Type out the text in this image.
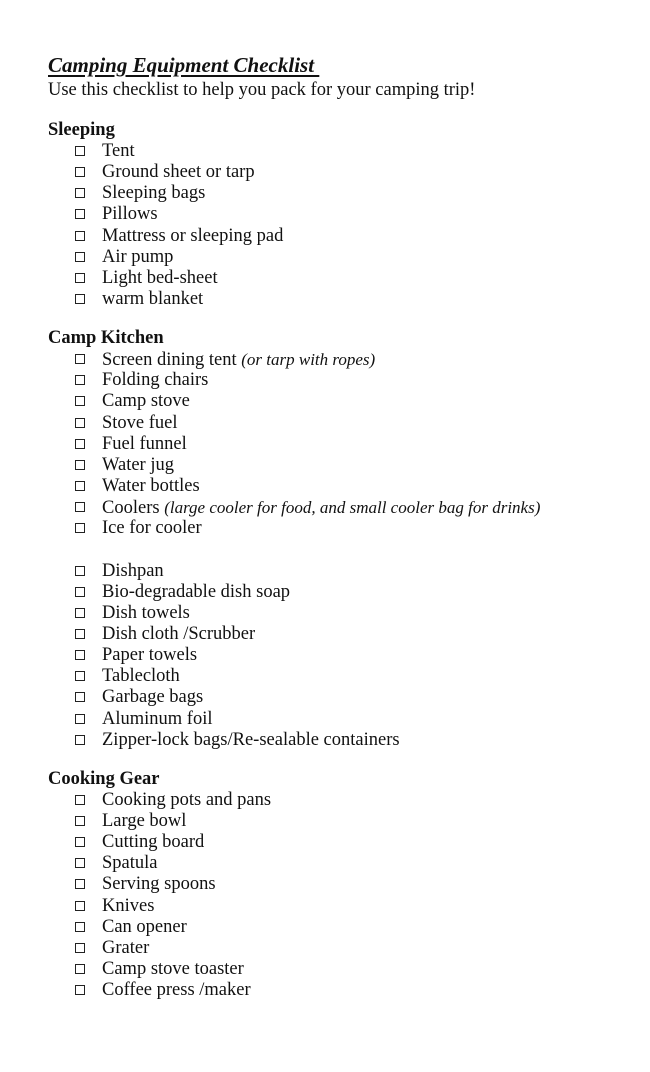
Camping Equipment Checklist

Use this checklist to help you pack for your camping trip!

Sleeping
Tent
Ground sheet or tarp
Sleeping bags
Pillows
Mattress or sleeping pad
Air pump
Light bed-sheet
warm blanket
Camp Kitchen
Screen dining tent (or tarp with ropes)
Folding chairs
Camp stove
Stove fuel
Fuel funnel
Water jug
Water bottles
Coolers (large cooler for food, and small cooler bag for drinks)
Ice for cooler
Dishpan
Bio-degradable dish soap
Dish towels
Dish cloth /Scrubber
Paper towels
Tablecloth
Garbage bags
Aluminum foil
Zipper-lock bags/Re-sealable containers
Cooking Gear
Cooking pots and pans
Large bowl
Cutting board
Spatula
Serving spoons
Knives
Can opener
Grater
Camp stove toaster
Coffee press /maker
